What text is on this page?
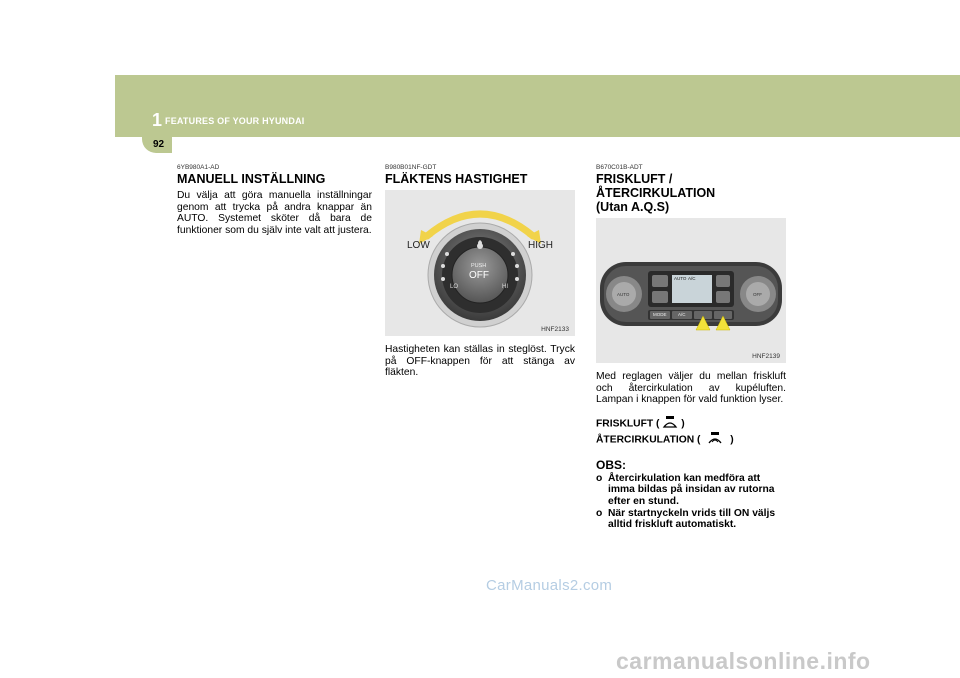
1 FEATURES OF YOUR HYUNDAI
92
6YB980A1-AD
MANUELL INSTÄLLNING

Du välja att göra manuella inställningar genom att trycka på andra knappar än AUTO. Systemet sköter då bara de funktioner som du själv inte valt att justera.

B980B01NF-GDT
FLÄKTENS HASTIGHET
LOW	HIGH
PUSH
OFF
LO	HI
HNF2133

Hastigheten kan ställas in steglöst. Tryck på OFF-knappen för att stänga av fläkten.

B670C01B-ADT
FRISKLUFT /
ÅTERCIRKULATION
(Utan A.Q.S)
AUTO A/C
MODE	A/C
AUTO	OFF
HNF2139

Med reglagen väljer du mellan friskluft och återcirkulation av kupéluften. Lampan i knappen för vald funktion lyser.

FRISKLUFT ( )
ÅTERCIRKULATION (	)
OBS:
o Återcirkulation kan medföra att imma bildas på insidan av rutorna efter en stund.
o När startnyckeln vrids till ON väljs alltid friskluft automatiskt.
CarManuals2.com
carmanualsonline.info
